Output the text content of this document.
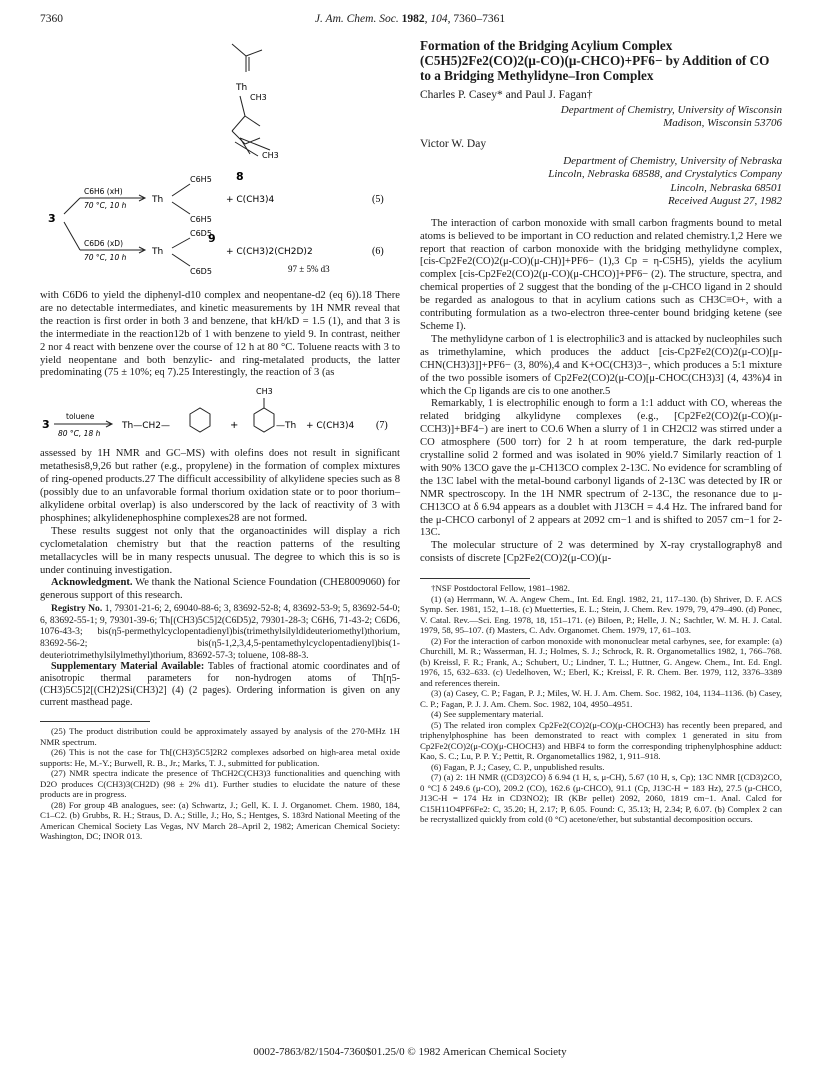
7360	J. Am. Chem. Soc. 1982, 104, 7360–7361
Th
CH3
CH3
8
3
C6H6 (xH)
70 °C, 10 h
C6D6 (xD)
70 °C, 10 h
Th
Th
C6H5
C6H5
C6D5
C6D5
+ C(CH3)4
+ C(CH3)2(CH2D)2
(5)
(6)
9
97 ± 5% d3

with C6D6 to yield the diphenyl-d10 complex and neopentane-d2 (eq 6)).18 There are no detectable intermediates, and kinetic measurements by 1H NMR reveal that the reaction is first order in both 3 and benzene, that kH/kD = 1.5 (1), and that 3 is the intermediate in the reaction12b of 1 with benzene to yield 9. In contrast, neither 2 nor 4 react with benzene over the course of 12 h at 80 °C. Toluene reacts with 3 to yield neopentane and both benzylic- and ring-metalated products, the latter predominating (75 ± 10%; eq 7).25 Interestingly, the reaction of 3 (as

3
toluene
80 °C, 18 h
Th—CH2—	+
CH3
—Th + C(CH3)4 (7)

assessed by 1H NMR and GC–MS) with olefins does not result in significant metathesis8,9,26 but rather (e.g., propylene) in the formation of complex mixtures of ring-opened products.27 The difficult accessibility of alkylidene species such as 8 (possibly due to an unfavorable formal thorium oxidation state or to poor thorium–alkylidene orbital overlap) is also underscored by the lack of reactivity of 3 with phosphines; alkylidenephosphine complexes28 are not formed.

These results suggest not only that the organoactinides will display a rich cyclometalation chemistry but that the reaction patterns of the resulting metallacycles will be in many respects unusual. The degree to which this is so is under continuing investigation.

Acknowledgment. We thank the National Science Foundation (CHE8009060) for generous support of this research.

Registry No. 1, 79301-21-6; 2, 69040-88-6; 3, 83692-52-8; 4, 83692-53-9; 5, 83692-54-0; 6, 83692-55-1; 9, 79301-39-6; Th[(CH3)5C5]2(C6D5)2, 79301-28-3; C6H6, 71-43-2; C6D6, 1076-43-3; bis(η5-permethylcyclopentadienyl)bis(trimethylsilyldideuteriomethyl)thorium, 83692-56-2; bis(η5-1,2,3,4,5-pentamethylcyclopentadienyl)bis(1-deuteriotrimethylsilylmethyl)thorium, 83692-57-3; toluene, 108-88-3.

Supplementary Material Available: Tables of fractional atomic coordinates and of anisotropic thermal parameters for non-hydrogen atoms of Th[η5-(CH3)5C5]2[(CH2)2Si(CH3)2] (4) (2 pages). Ordering information is given on any current masthead page.

(25) The product distribution could be approximately assayed by analysis of the 270-MHz 1H NMR spectrum.

(26) This is not the case for Th[(CH3)5C5]2R2 complexes adsorbed on high-area metal oxide supports: He, M.-Y.; Burwell, R. B., Jr.; Marks, T. J., submitted for publication.

(27) NMR spectra indicate the presence of ThCH2C(CH3)3 functionalities and quenching with D2O produces C(CH3)3(CH2D) (98 ± 2% d1). Further studies to elucidate the nature of these products are in progress.

(28) For group 4B analogues, see: (a) Schwartz, J.; Gell, K. I. J. Organomet. Chem. 1980, 184, C1–C2. (b) Grubbs, R. H.; Straus, D. A.; Stille, J.; Ho, S.; Hentges, S. 183rd National Meeting of the American Chemical Society Las Vegas, NV March 28–April 2, 1982; American Chemical Society: Washington, DC; INOR 013.

Formation of the Bridging Acylium Complex (C5H5)2Fe2(CO)2(μ-CO)(μ-CHCO)+PF6− by Addition of CO to a Bridging Methylidyne–Iron Complex
Charles P. Casey* and Paul J. Fagan†
Department of Chemistry, University of Wisconsin
Madison, Wisconsin 53706
Victor W. Day
Department of Chemistry, University of Nebraska
Lincoln, Nebraska 68588, and Crystalytics Company
Lincoln, Nebraska 68501
Received August 27, 1982

The interaction of carbon monoxide with small carbon fragments bound to metal atoms is believed to be important in CO reduction and related chemistry.1,2 Here we report that reaction of carbon monoxide with the bridging methylidyne complex, [cis-Cp2Fe2(CO)2(μ-CO)(μ-CH)]+PF6− (1),3 Cp = η-C5H5), yields the acylium complex [cis-Cp2Fe2(CO)2(μ-CO)(μ-CHCO)]+PF6− (2). The structure, spectra, and chemical properties of 2 suggest that the bonding of the μ-CHCO ligand in 2 should be regarded as analogous to that in acylium cations such as CH3C≡O+, with a contributing formulation as a two-electron three-center bound bridging ketene (see Scheme I).

The methylidyne carbon of 1 is electrophilic3 and is attacked by nucleophiles such as trimethylamine, which produces the adduct [cis-Cp2Fe2(CO)2(μ-CO)[μ-CHN(CH3)3]]+PF6− (3, 80%),4 and K+OC(CH3)3−, which produces a 5:1 mixture of the two possible isomers of Cp2Fe2(CO)2(μ-CO)[μ-CHOC(CH3)3] (4, 43%)4 in which the Cp ligands are cis to one another.5

Remarkably, 1 is electrophilic enough to form a 1:1 adduct with CO, whereas the related bridging alkylidyne complexes (e.g., [Cp2Fe2(CO)2(μ-CO)(μ-CCH3)]+BF4−) are inert to CO.6 When a slurry of 1 in CH2Cl2 was stirred under a CO atmosphere (500 torr) for 2 h at room temperature, the dark red-purple crystalline solid 2 formed and was isolated in 90% yield.7 Similarly reaction of 1 with 90% 13CO gave the μ-CH13CO complex 2-13C. No evidence for scrambling of the 13C label with the metal-bound carbonyl ligands of 2-13C was detected by IR or NMR spectroscopy. In the 1H NMR spectrum of 2-13C, the resonance due to μ-CH13CO at δ 6.94 appears as a doublet with J13CH = 4.4 Hz. The infrared band for the μ-CHCO carbonyl of 2 appears at 2092 cm−1 and is shifted to 2057 cm−1 for 2-13C.

The molecular structure of 2 was determined by X-ray crystallography8 and consists of discrete [Cp2Fe2(CO)2(μ-CO)(μ-

†NSF Postdoctoral Fellow, 1981–1982.

(1) (a) Herrmann, W. A. Angew Chem., Int. Ed. Engl. 1982, 21, 117–130. (b) Shriver, D. F. ACS Symp. Ser. 1981, 152, 1–18. (c) Muetterties, E. L.; Stein, J. Chem. Rev. 1979, 79, 479–490. (d) Ponec, V. Catal. Rev.—Sci. Eng. 1978, 18, 151–171. (e) Biloen, P.; Helle, J. N.; Sachtler, W. M. H. J. Catal. 1979, 58, 95–107. (f) Masters, C. Adv. Organomet. Chem. 1979, 17, 61–103.

(2) For the interaction of carbon monoxide with mononuclear metal carbynes, see, for example: (a) Churchill, M. R.; Wasserman, H. J.; Holmes, S. J.; Schrock, R. R. Organometallics 1982, 1, 766–768. (b) Kreissl, F. R.; Frank, A.; Schubert, U.; Lindner, T. L.; Huttner, G. Angew. Chem., Int. Ed. Engl. 1976, 15, 632–633. (c) Uedelhoven, W.; Eberl, K.; Kreissl, F. R. Chem. Ber. 1979, 112, 3376–3389 and references therein.

(3) (a) Casey, C. P.; Fagan, P. J.; Miles, W. H. J. Am. Chem. Soc. 1982, 104, 1134–1136. (b) Casey, C. P.; Fagan, P. J. J. Am. Chem. Soc. 1982, 104, 4950–4951.

(4) See supplementary material.

(5) The related iron complex Cp2Fe2(CO)2(μ-CO)(μ-CHOCH3) has recently been prepared, and triphenylphosphine has been demonstrated to react with complex 1 generated in situ from Cp2Fe2(CO)2(μ-CO)(μ-CHOCH3) and HBF4 to form the corresponding triphenylphosphine adduct: Kao, S. C.; Lu, P. P. Y.; Pettit, R. Organometallics 1982, 1, 911–918.

(6) Fagan, P. J.; Casey, C. P., unpublished results.

(7) (a) 2: 1H NMR ((CD3)2CO) δ 6.94 (1 H, s, μ-CH), 5.67 (10 H, s, Cp); 13C NMR [(CD3)2CO, 0 °C] δ 249.6 (μ-CO), 209.2 (CO), 162.6 (μ-CHCO), 91.1 (Cp, J13C-H = 183 Hz), 27.5 (μ-CHCO, J13C-H = 174 Hz in CD3NO2); IR (KBr pellet) 2092, 2060, 1819 cm−1. Anal. Calcd for C15H11O4PF6Fe2: C, 35.20; H, 2.17; P, 6.05. Found: C, 35.13; H, 2.34; P, 6.07. (b) Complex 2 can be recrystallized quickly from cold (0 °C) acetone/ether, but substantial decomposition occurs.

0002-7863/82/1504-7360$01.25/0 © 1982 American Chemical Society
